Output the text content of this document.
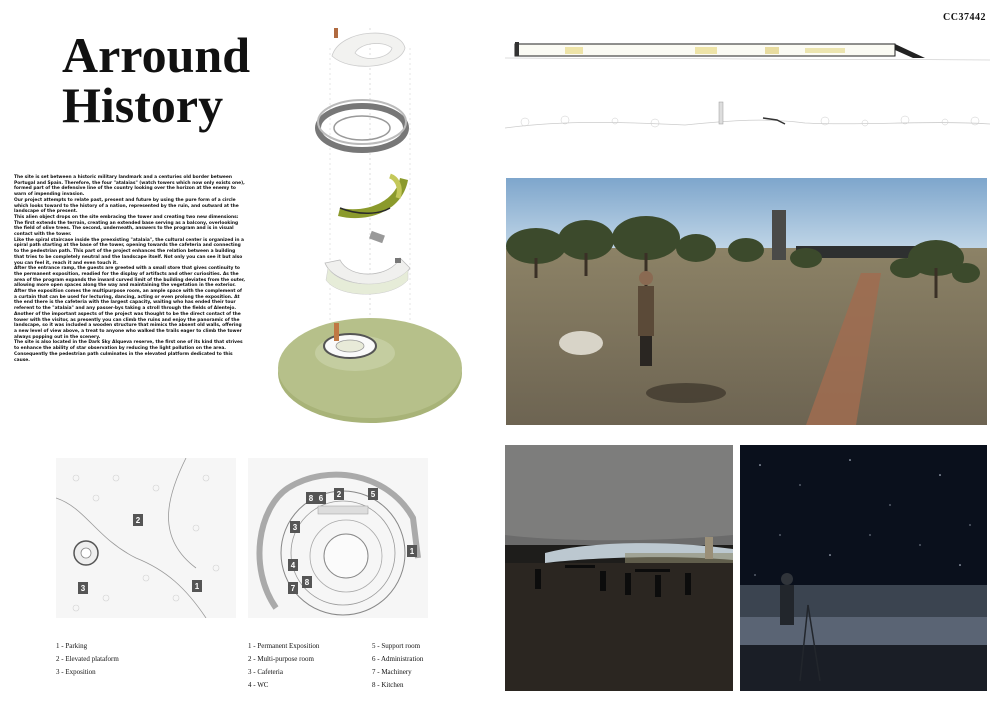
CC37442
Arround
History

The site is set between a historic military landmark and a centuries old border between Portugal and Spain. Therefore, the four "atalaias" (watch towers which now only exists one), formed part of the defensive line of the country looking over the horizon at the enemy to warn of impending invasion.

Our project attempts to relate past, present and future by using the pure form of a circle which looks toward to the history of a nation, represented by the ruin, and outward at the landscape of the present.

This alien object drops on the site embracing the tower and creating two new dimensions: The first extends the terrain, creating an extended base serving as a balcony, overlooking the field of olive trees. The second, underneath, answers to the program and is in visual contact with the tower.

Like the spiral staircase inside the preexisting "atalaia", the cultural center is organized in a spiral path starting at the base of the tower, opening towards the cafeteria and connecting to the pedestrian path. This part of the project enhances the relation between a building that tries to be completely neutral and the landscape itself. Not only you can see it but also you can feel it, reach it and even touch it.

After the entrance ramp, the guests are greeted with a small store that gives continuity to the permanent exposition, readied for the display of artifacts and other curiosities. As the area of the program expands the inward curved limit of the building deviates from the outer, allowing more open spaces along the way and maintaining the vegetation in the exterior. After the exposition comes the multipurpose room, an ample space with the complement of a curtain that can be used for lecturing, dancing, acting or even prolong the exposition. At the end there is the cafeteria with the largest capacity, waiting who has ended their tour referent to the "atalaia" and any passer-bys taking a stroll through the fields of Alentejo.

Another of the important aspects of the project was thought to be the direct contact of the tower with the visitor, as presently you can climb the ruins and enjoy the panoramic of the landscape, so it was included a wooden structure that mimics the absent old walls, offering a new level of view above, a treat to anyone who walked the trails eager to climb the tower always popping out in the scenery.

The site is also located in the Dark Sky Alqueva reserve, the first one of its kind that strives to enhance the ability of star observation by reducing the light pollution on the area. Consequently the pedestrian path culminates in the elevated platform dedicated to this cause.

1
2
3
1
2
3
4
5
6
7
8
8
1 - Parking
2 - Elevated plataform
3 - Exposition
1 - Permanent Exposition
2 - Multi-purpose room
3 - Cafeteria
4 - WC
5 - Support room
6 - Administration
7 - Machinery
8 - Kitchen
